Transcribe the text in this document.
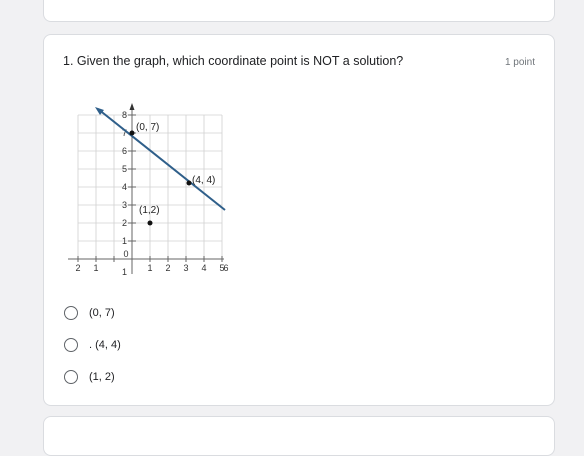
1. Given the graph, which coordinate point is NOT a solution?	1 point
8
7
6
5
4
3
2
1
1
2 1
0
1 2 3 4 5
6
(0, 7)
(4, 4)
(1,2)
(0, 7)
. (4, 4)
(1, 2)
